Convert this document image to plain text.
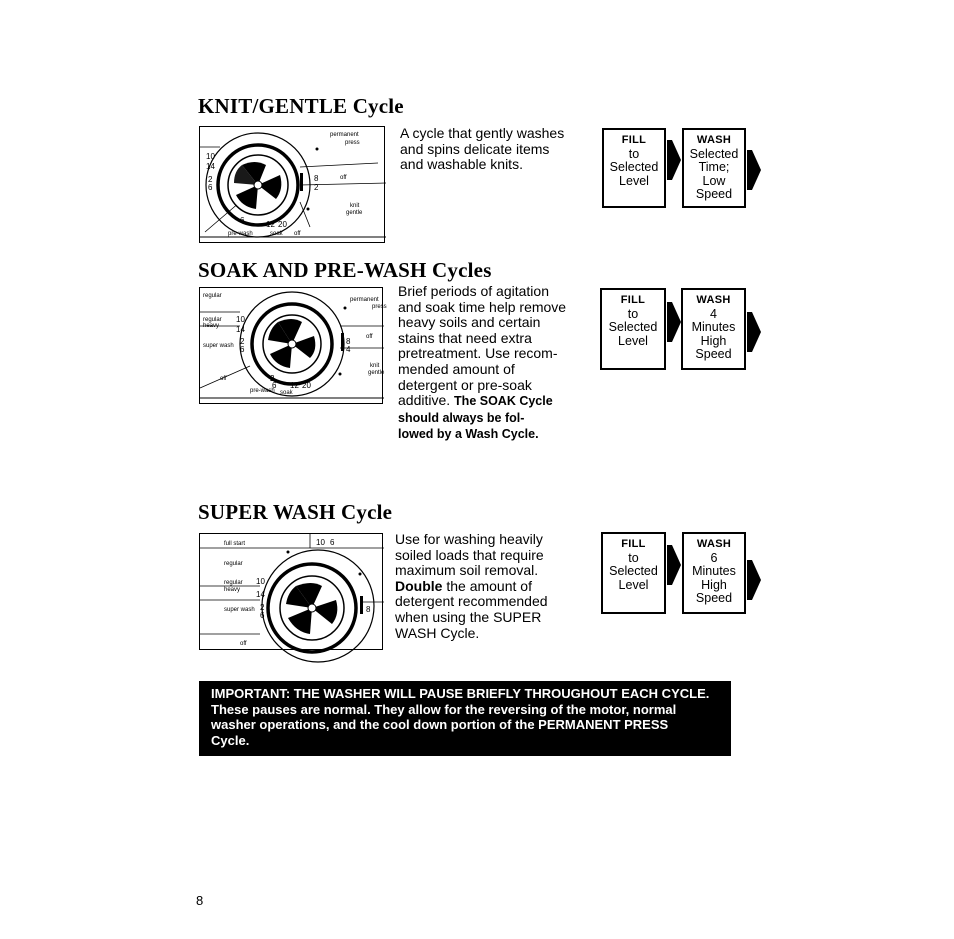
KNIT/GENTLE Cycle
permanent
press
off
knit
gentle
pre-wash	soak off
10
14
2
6
8
2
6	12 20
A cycle that gently washes
and spins delicate items
and washable knits.
FILL
to
Selected
Level
WASH
Selected
Time;
Low
Speed
SOAK AND PRE-WASH Cycles
regular
permanent
press
regular
heavy
super wash
off
off
knit
gentle
pre-wash soak
10
14
2
6
8
4
2
6 12 20
Brief periods of agitation
and soak time help remove
heavy soils and certain
stains that need extra
pretreatment. Use recom-
mended amount of
detergent or pre-soak
additive. The SOAK Cycle
should always be fol-
lowed by a Wash Cycle.
FILL
to
Selected
Level
WASH
4
Minutes
High
Speed
SUPER WASH Cycle
full start
regular
regular
heavy
super wash
off
10 6
10
14
2
6
8
Use for washing heavily
soiled loads that require
maximum soil removal.
Double the amount of
detergent recommended
when using the SUPER
WASH Cycle.
FILL
to
Selected
Level
WASH
6
Minutes
High
Speed
IMPORTANT: THE WASHER WILL PAUSE BRIEFLY THROUGHOUT EACH CYCLE.
These pauses are normal. They allow for the reversing of the motor, normal
washer operations, and the cool down portion of the PERMANENT PRESS
Cycle.
8
